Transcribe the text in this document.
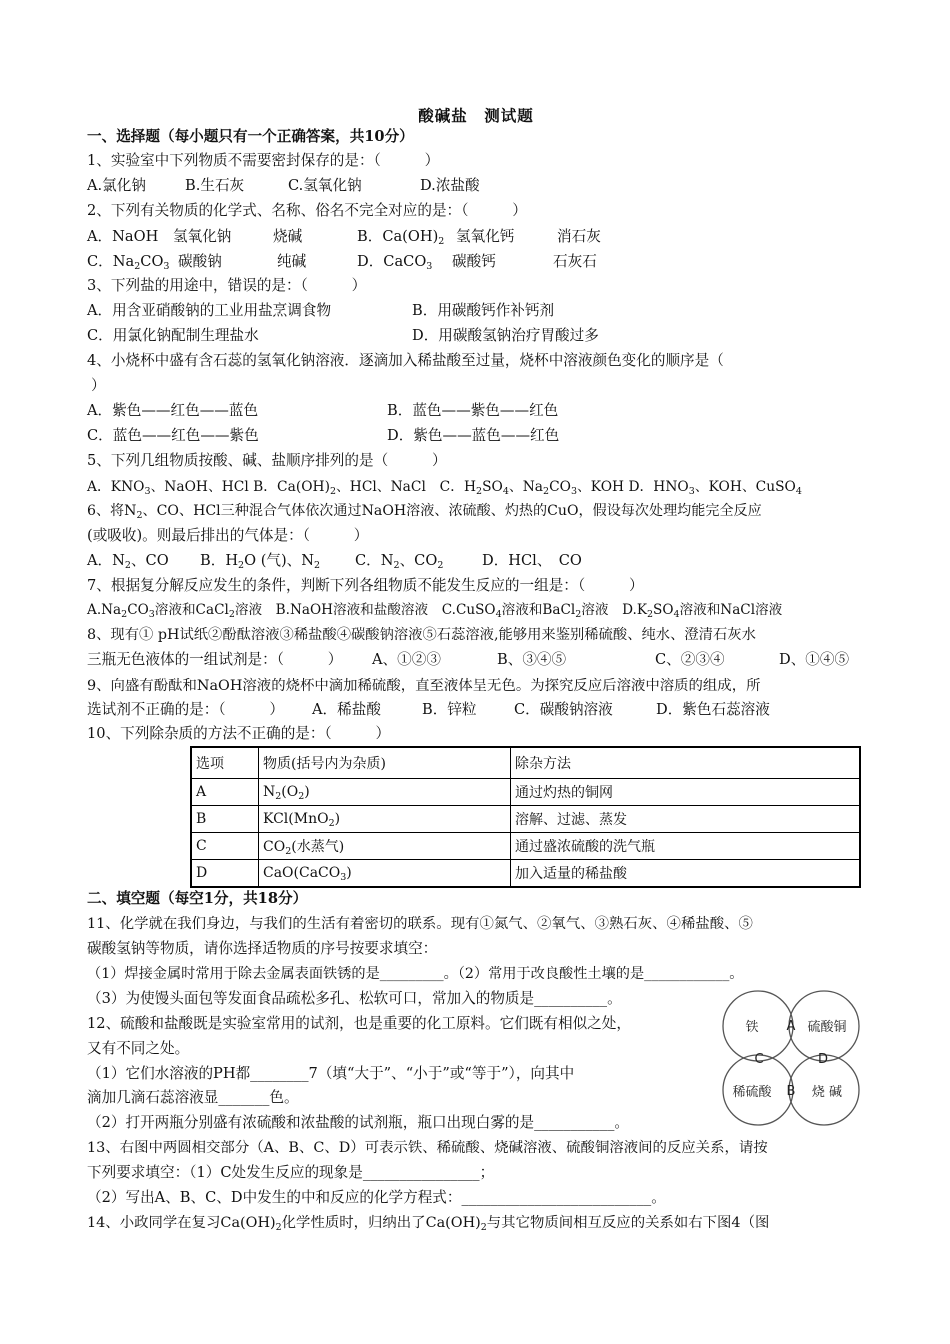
酸碱盐　测试题
一、选择题（每小题只有一个正确答案，共10分）
1、实验室中下列物质不需要密封保存的是：（　　　）
A.氯化钠	B.生石灰	C.氢氧化钠	D.浓盐酸
2、下列有关物质的化学式、名称、俗名不完全对应的是：（　　　）
A．NaOH 氢氧化钠	烧碱	B．$Ca(OH)_2$ 氢氧化钙	消石灰
C．$Na_2CO_3$ 碳酸钠	纯碱	D．CaCO$_3$ 碳酸钙	石灰石
3、下列盐的用途中，错误的是：（　　　）
A．用含亚硝酸钠的工业用盐烹调食物	B．用碳酸钙作补钙剂
C．用氯化钠配制生理盐水	D．用碳酸氢钠治疗胃酸过多
4、小烧杯中盛有含石蕊的氢氧化钠溶液．逐滴加入稀盐酸至过量，烧杯中溶液颜色变化的顺序是（
）
A．紫色——红色——蓝色	B．蓝色——紫色——红色
C．蓝色——红色——紫色	D．紫色——蓝色——红色
5、下列几组物质按酸、碱、盐顺序排列的是（　　　）
A．$KNO_3$、NaOH、HCl B．$Ca(OH)_2$、HCl、NaCl　C．$H_2SO_4$、$Na_2CO_3$、KOH D．$HNO_3$、KOH、CuSO$_4$
6、将$N_2$、CO、HCl三种混合气体依次通过NaOH溶液、浓硫酸、灼热的CuO，假设每次处理均能完全反应
(或吸收)。则最后排出的气体是：（　　　）
A．$N_2$、CO B．$H_2O$ (气)、$N_2$ C．$N_2$、$CO_2$	D．HCl、　CO
7、根据复分解反应发生的条件，判断下列各组物质不能发生反应的一组是：（　　　）
$A.Na_2CO_3$溶液和CaCl$_2$溶液　B.NaOH溶液和盐酸溶液　C.CuSO$_4$溶液和BaCl$_2$溶液　$D.K_2SO_4$溶液和NaCl溶液
8、现有① pH试纸②酚酞溶液③稀盐酸④碳酸钠溶液⑤石蕊溶液,能够用来鉴别稀硫酸、纯水、澄清石灰水
三瓶无色液体的一组试剂是：（　　　） A、①②③	B、③④⑤	C、②③④	D、①④⑤
9、向盛有酚酞和NaOH溶液的烧杯中滴加稀硫酸，直至液体呈无色。为探究反应后溶液中溶质的组成，所
选试剂不正确的是：（　　　） A．稀盐酸	B．锌粒	C．碳酸钠溶液	D．紫色石蕊溶液
10、下列除杂质的方法不正确的是：（　　　）
选项	物质(括号内为杂质)	除杂方法
A	$N_2(O_2)$	通过灼热的铜网
B	KCl(MnO$_2$)	溶解、过滤、蒸发
C	$CO_2$(水蒸气)	通过盛浓硫酸的洗气瓶
D	CaO(CaCO$_3$)	加入适量的稀盐酸
二、填空题（每空1分，共18分）
11、化学就在我们身边，与我们的生活有着密切的联系。现有①氮气、②氧气、③熟石灰、④稀盐酸、⑤
碳酸氢钠等物质，请你选择适物质的序号按要求填空：
（1）焊接金属时常用于除去金属表面铁锈的是_________。（2）常用于改良酸性土壤的是____________。
（3）为使馒头面包等发面食品疏松多孔、松软可口，常加入的物质是__________。
12、硫酸和盐酸既是实验室常用的试剂，也是重要的化工原料。它们既有相似之处，
又有不同之处。
（1）它们水溶液的PH都________7（填“大于”、“小于”或“等于”），向其中
滴加几滴石蕊溶液显_______色。
（2）打开两瓶分别盛有浓硫酸和浓盐酸的试剂瓶，瓶口出现白雾的是___________。
13、右图中两圆相交部分（A、B、C、D）可表示铁、稀硫酸、烧碱溶液、硫酸铜溶液间的反应关系，请按
下列要求填空：（1）C处发生反应的现象是________________；
（2）写出A、B、C、D中发生的中和反应的化学方程式：__________________________。
14、小政同学在复习$Ca(OH)_2$化学性质时，归纳出了$Ca(OH)_2$与其它物质间相互反应的关系如右下图4（图
铁	硫酸铜
稀硫酸	烧 碱
A
C	D
B
